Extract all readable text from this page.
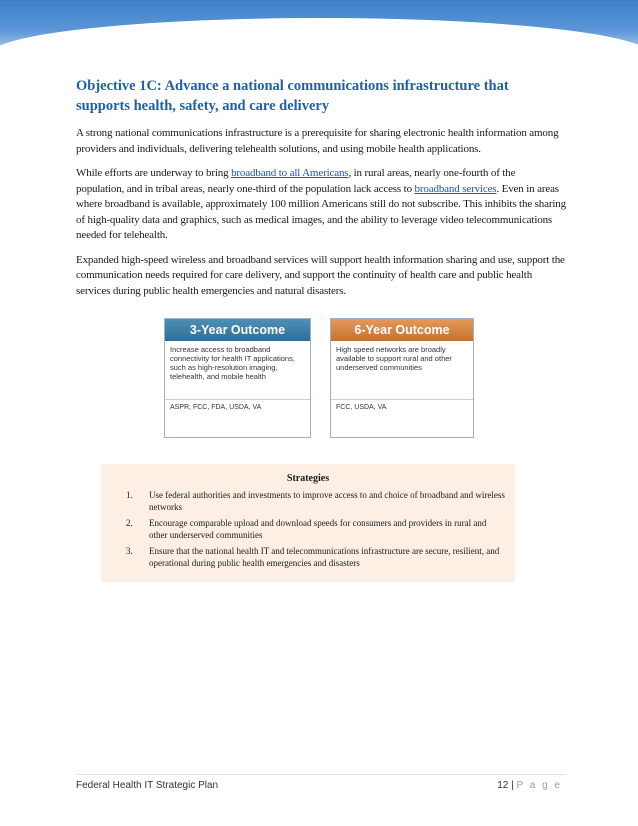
Objective 1C: Advance a national communications infrastructure that supports health, safety, and care delivery

A strong national communications infrastructure is a prerequisite for sharing electronic health information among providers and individuals, delivering telehealth solutions, and using mobile health applications.

While efforts are underway to bring broadband to all Americans, in rural areas, nearly one-fourth of the population, and in tribal areas, nearly one-third of the population lack access to broadband services. Even in areas where broadband is available, approximately 100 million Americans still do not subscribe. This inhibits the sharing of high-quality data and graphics, such as medical images, and the ability to leverage video telecommunications needed for telehealth.

Expanded high-speed wireless and broadband services will support health information sharing and use, support the communication needs required for care delivery, and support the continuity of health care and public health services during public health emergencies and natural disasters.

3-Year Outcome
Increase access to broadband connectivity for health IT applications, such as high-resolution imaging, telehealth, and mobile health
ASPR, FCC, FDA, USDA, VA
6-Year Outcome
High speed networks are broadly available to support rural and other underserved communities
FCC, USDA, VA
Strategies
1. Use federal authorities and investments to improve access to and choice of broadband and wireless networks
2. Encourage comparable upload and download speeds for consumers and providers in rural and other underserved communities
3. Ensure that the national health IT and telecommunications infrastructure are secure, resilient, and operational during public health emergencies and disasters
Federal Health IT Strategic Plan	12 | P a g e
